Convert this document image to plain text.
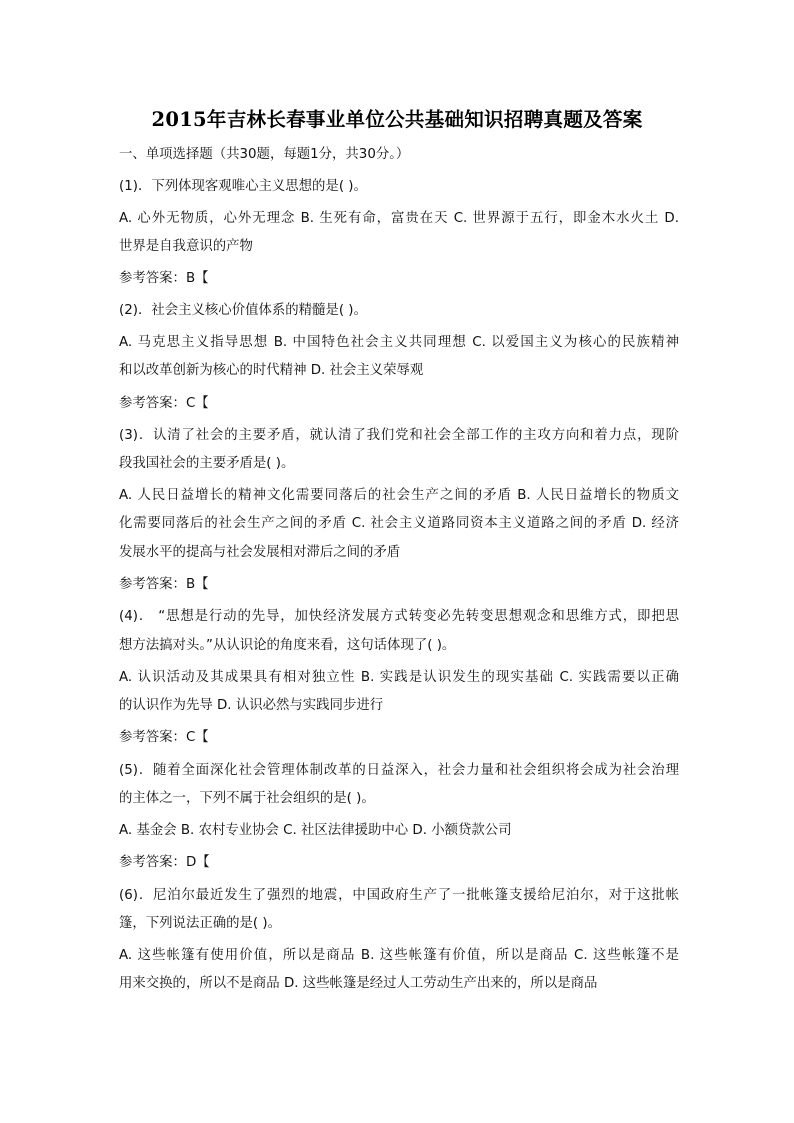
2015年吉林长春事业单位公共基础知识招聘真题及答案
一、单项选择题（共30题，每题1分，共30分。）
(1)．下列体现客观唯心主义思想的是( )。
A. 心外无物质，心外无理念 B. 生死有命，富贵在天 C. 世界源于五行，即金木水火土 D.
世界是自我意识的产物
参考答案：B【
(2)．社会主义核心价值体系的精髓是( )。
A. 马克思主义指导思想 B. 中国特色社会主义共同理想 C. 以爱国主义为核心的民族精神
和以改革创新为核心的时代精神 D. 社会主义荣辱观
参考答案：C【
(3)．认清了社会的主要矛盾，就认清了我们党和社会全部工作的主攻方向和着力点，现阶
段我国社会的主要矛盾是( )。
A. 人民日益增长的精神文化需要同落后的社会生产之间的矛盾 B. 人民日益增长的物质文
化需要同落后的社会生产之间的矛盾 C. 社会主义道路同资本主义道路之间的矛盾 D. 经济
发展水平的提高与社会发展相对滞后之间的矛盾
参考答案：B【
(4)． “思想是行动的先导，加快经济发展方式转变必先转变思想观念和思维方式，即把思
想方法搞对头。”从认识论的角度来看，这句话体现了( )。
A. 认识活动及其成果具有相对独立性 B. 实践是认识发生的现实基础 C. 实践需要以正确
的认识作为先导 D. 认识必然与实践同步进行
参考答案：C【
(5)．随着全面深化社会管理体制改革的日益深入，社会力量和社会组织将会成为社会治理
的主体之一，下列不属于社会组织的是( )。
A. 基金会 B. 农村专业协会 C. 社区法律援助中心 D. 小额贷款公司
参考答案：D【
(6)．尼泊尔最近发生了强烈的地震，中国政府生产了一批帐篷支援给尼泊尔，对于这批帐
篷，下列说法正确的是( )。
A. 这些帐篷有使用价值，所以是商品 B. 这些帐篷有价值，所以是商品 C. 这些帐篷不是
用来交换的，所以不是商品 D. 这些帐篷是经过人工劳动生产出来的，所以是商品
